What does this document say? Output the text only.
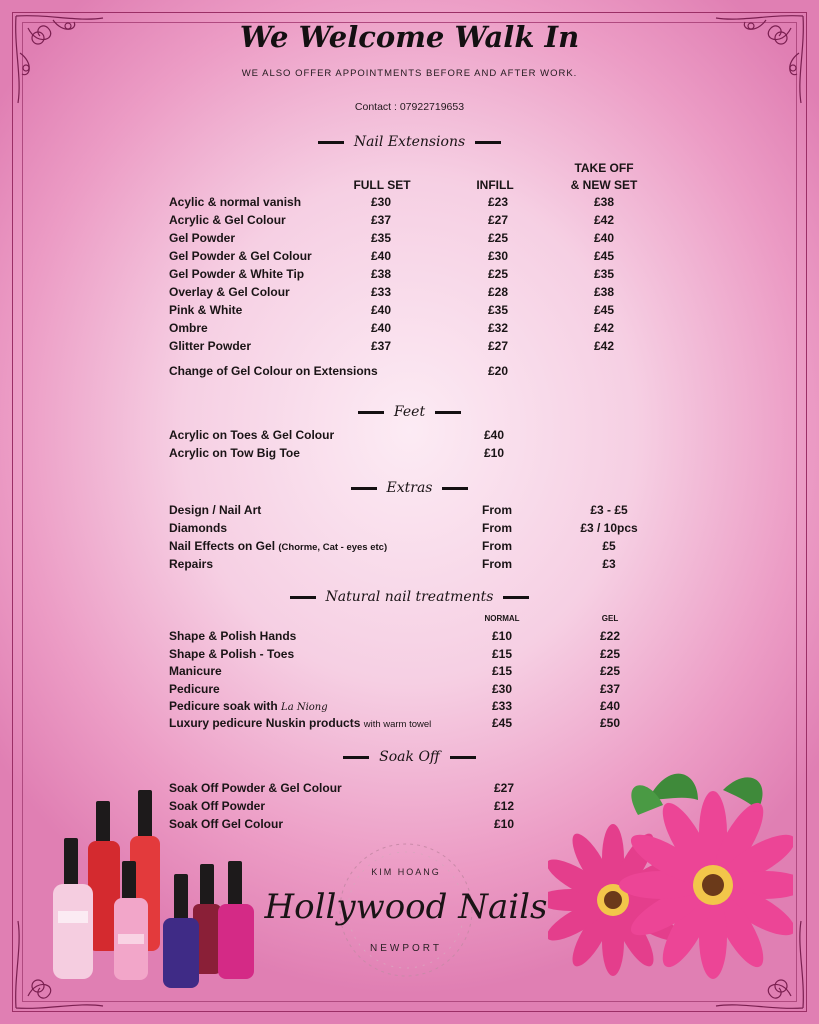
We Welcome Walk In
WE ALSO OFFER APPOINTMENTS BEFORE AND AFTER WORK.
Contact : 07922719653
Nail Extensions
FULL SET	INFILL
TAKE OFF
& NEW SET
Acylic & normal vanish	£30	£23	£38
Acrylic & Gel Colour	£37	£27	£42
Gel Powder	£35	£25	£40
Gel Powder & Gel Colour	£40	£30	£45
Gel Powder & White Tip	£38	£25	£35
Overlay & Gel Colour	£33	£28	£38
Pink & White	£40	£35	£45
Ombre	£40	£32	£42
Glitter Powder	£37	£27	£42
Change of Gel Colour on Extensions	£20
Feet
Acrylic on Toes & Gel Colour	£40
Acrylic on Tow Big Toe	£10
Extras
Design / Nail Art	From	£3 - £5
Diamonds	From	£3 / 10pcs
Nail Effects on Gel (Chorme, Cat - eyes etc)	From	£5
Repairs	From	£3
Natural nail treatments
NORMAL	GEL
Shape & Polish Hands	£10	£22
Shape & Polish - Toes	£15	£25
Manicure	£15	£25
Pedicure	£30	£37
Pedicure soak with La Niong	£33	£40
Luxury pedicure Nuskin products with warm towel	£45	£50
Soak Off
Soak Off Powder & Gel Colour	£27
Soak Off Powder	£12
Soak Off Gel Colour	£10
KIM HOANG
Hollywood Nails
NEWPORT
